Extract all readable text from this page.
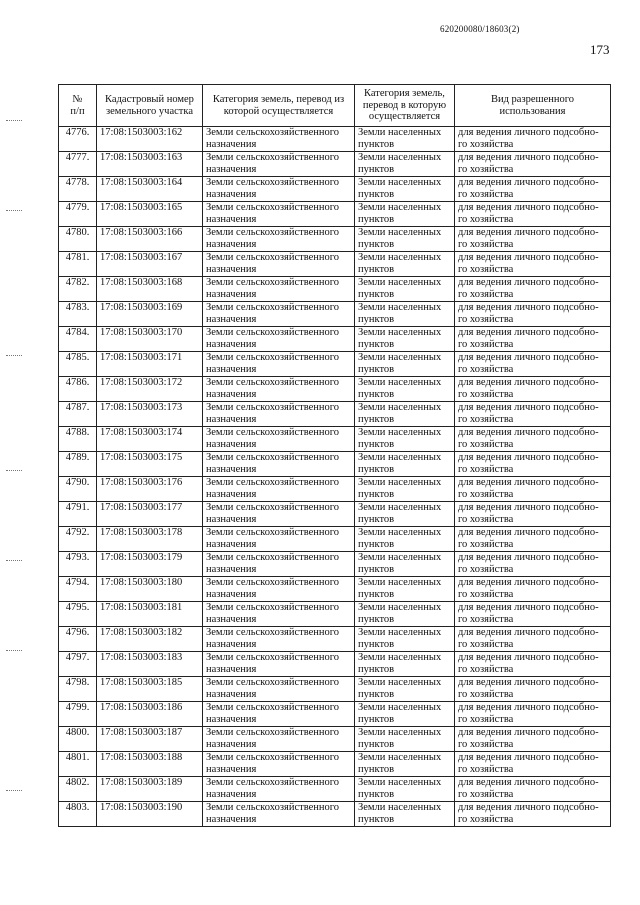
620200080/18603(2)
173
№
п/п	Кадастровый номер
земельного участка	Категория земель, перевод из
которой осуществляется	Категория земель,
перевод в которую
осуществляется	Вид разрешенного
использования

4776.	17:08:1503003:162	Земли сельскохозяйственного
назначения	Земли населенных
пунктов	для ведения личного подсобно-
го хозяйства

4777.	17:08:1503003:163	Земли сельскохозяйственного
назначения	Земли населенных
пунктов	для ведения личного подсобно-
го хозяйства

4778.	17:08:1503003:164	Земли сельскохозяйственного
назначения	Земли населенных
пунктов	для ведения личного подсобно-
го хозяйства

4779.	17:08:1503003:165	Земли сельскохозяйственного
назначения	Земли населенных
пунктов	для ведения личного подсобно-
го хозяйства

4780.	17:08:1503003:166	Земли сельскохозяйственного
назначения	Земли населенных
пунктов	для ведения личного подсобно-
го хозяйства

4781.	17:08:1503003:167	Земли сельскохозяйственного
назначения	Земли населенных
пунктов	для ведения личного подсобно-
го хозяйства

4782.	17:08:1503003:168	Земли сельскохозяйственного
назначения	Земли населенных
пунктов	для ведения личного подсобно-
го хозяйства

4783.	17:08:1503003:169	Земли сельскохозяйственного
назначения	Земли населенных
пунктов	для ведения личного подсобно-
го хозяйства

4784.	17:08:1503003:170	Земли сельскохозяйственного
назначения	Земли населенных
пунктов	для ведения личного подсобно-
го хозяйства

4785.	17:08:1503003:171	Земли сельскохозяйственного
назначения	Земли населенных
пунктов	для ведения личного подсобно-
го хозяйства

4786.	17:08:1503003:172	Земли сельскохозяйственного
назначения	Земли населенных
пунктов	для ведения личного подсобно-
го хозяйства

4787.	17:08:1503003:173	Земли сельскохозяйственного
назначения	Земли населенных
пунктов	для ведения личного подсобно-
го хозяйства

4788.	17:08:1503003:174	Земли сельскохозяйственного
назначения	Земли населенных
пунктов	для ведения личного подсобно-
го хозяйства

4789.	17:08:1503003:175	Земли сельскохозяйственного
назначения	Земли населенных
пунктов	для ведения личного подсобно-
го хозяйства

4790.	17:08:1503003:176	Земли сельскохозяйственного
назначения	Земли населенных
пунктов	для ведения личного подсобно-
го хозяйства

4791.	17:08:1503003:177	Земли сельскохозяйственного
назначения	Земли населенных
пунктов	для ведения личного подсобно-
го хозяйства

4792.	17:08:1503003:178	Земли сельскохозяйственного
назначения	Земли населенных
пунктов	для ведения личного подсобно-
го хозяйства

4793.	17:08:1503003:179	Земли сельскохозяйственного
назначения	Земли населенных
пунктов	для ведения личного подсобно-
го хозяйства

4794.	17:08:1503003:180	Земли сельскохозяйственного
назначения	Земли населенных
пунктов	для ведения личного подсобно-
го хозяйства

4795.	17:08:1503003:181	Земли сельскохозяйственного
назначения	Земли населенных
пунктов	для ведения личного подсобно-
го хозяйства

4796.	17:08:1503003:182	Земли сельскохозяйственного
назначения	Земли населенных
пунктов	для ведения личного подсобно-
го хозяйства

4797.	17:08:1503003:183	Земли сельскохозяйственного
назначения	Земли населенных
пунктов	для ведения личного подсобно-
го хозяйства

4798.	17:08:1503003:185	Земли сельскохозяйственного
назначения	Земли населенных
пунктов	для ведения личного подсобно-
го хозяйства

4799.	17:08:1503003:186	Земли сельскохозяйственного
назначения	Земли населенных
пунктов	для ведения личного подсобно-
го хозяйства

4800.	17:08:1503003:187	Земли сельскохозяйственного
назначения	Земли населенных
пунктов	для ведения личного подсобно-
го хозяйства

4801.	17:08:1503003:188	Земли сельскохозяйственного
назначения	Земли населенных
пунктов	для ведения личного подсобно-
го хозяйства

4802.	17:08:1503003:189	Земли сельскохозяйственного
назначения	Земли населенных
пунктов	для ведения личного подсобно-
го хозяйства

4803.	17:08:1503003:190	Земли сельскохозяйственного
назначения	Земли населенных
пунктов	для ведения личного подсобно-
го хозяйства
